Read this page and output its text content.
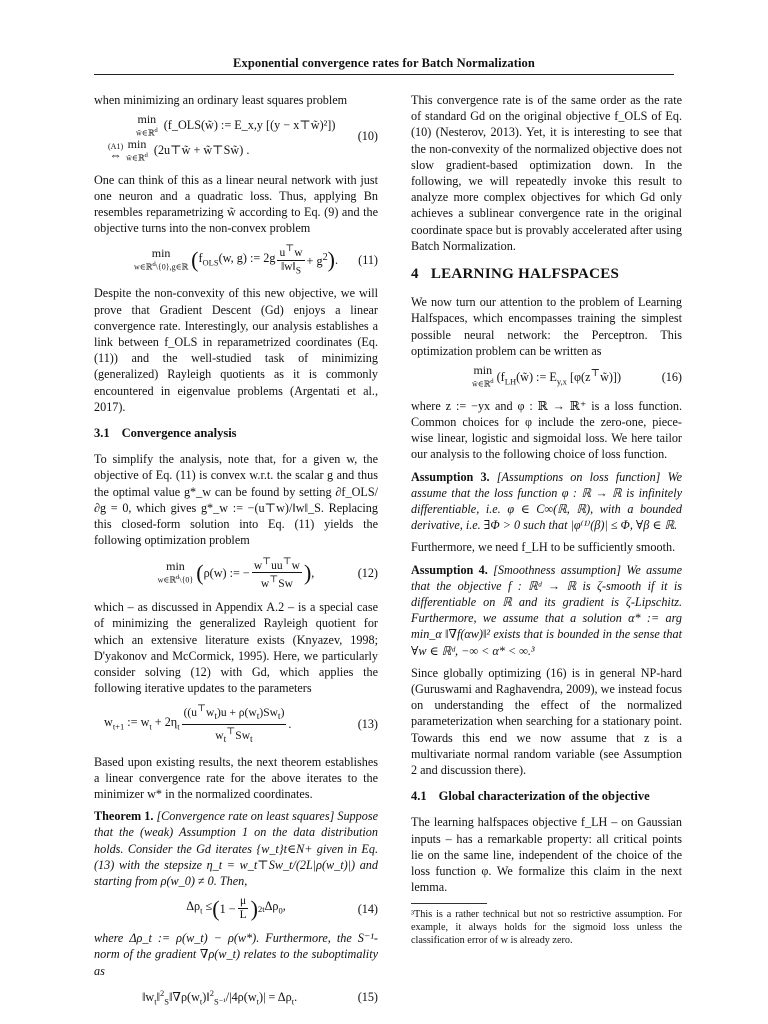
Exponential convergence rates for Batch Normalization

when minimizing an ordinary least squares problem

min
w̃∈ℝ$^d$ (f_OLS(w̃) := E_x,y [(y − x⊤w̃)²])
(A1)
⇔

min
w̃∈ℝ$^d$ (2u⊤w̃ + w̃⊤Sw̃) .
(10)

One can think of this as a linear neural network with just one neuron and a quadratic loss. Thus, applying Bn resembles reparametrizing w̃ according to Eq. (9) and the objective turns into the non-convex problem

min
w∈ℝ$^d$\{0},g∈ℝ ( $f_{OLS}(w$, g) := $2g \frac{u^⊤w}{‖w‖_S} + g^2$ ) . (11)

Despite the non-convexity of this new objective, we will prove that Gradient Descent (Gd) enjoys a linear convergence rate. Interestingly, our analysis establishes a link between f_OLS in reparametrized coordinates (Eq. (11)) and the well-studied task of minimizing (generalized) Rayleigh quotients as it is commonly encountered in eigenvalue problems (Argentati et al., 2017).

3.1 Convergence analysis

To simplify the analysis, note that, for a given w, the objective of Eq. (11) is convex w.r.t. the scalar g and thus the optimal value g*_w can be found by setting ∂f_OLS/∂g = 0, which gives g*_w := −(u⊤w)/‖w‖_S. Replacing this closed-form solution into Eq. (11) yields the following optimization problem

min
w∈ℝ$^d$\{0} ( ρ(w) := − $\frac{w^⊤uu^⊤w}{w^⊤Sw}$ ) ,	(12)

which – as discussed in Appendix A.2 – is a special case of minimizing the generalized Rayleigh quotient for which an extensive literature exists (Knyazev, 1998; D'yakonov and McCormick, 1995). Here, we particularly consider solving (12) with Gd, which applies the following iterative updates to the parameters

$w_{t+1}$ := $w_t + 2\eta_t \frac{((u^⊤w_t)u + \rho(w_t)Sw_t)}{w_t^⊤Sw_t}$ .	(13)

Based upon existing results, the next theorem establishes a linear convergence rate for the above iterates to the minimizer w* in the normalized coordinates.

Theorem 1. [Convergence rate on least squares] Suppose that the (weak) Assumption 1 on the data distribution holds. Consider the Gd iterates {w_t}t∈N+ given in Eq. (13) with the stepsize η_t = w_t⊤Sw_t/(2L|ρ(w_t)|) and starting from ρ(w_0) ≠ 0. Then,

$\Delta\rho_t$ ≤ ( $1 - \frac{\mu}{L}$ ) 2t $\Delta\rho_0$,	(14)

where Δρ_t := ρ(w_t) − ρ(w*). Furthermore, the S⁻¹-norm of the gradient ∇ρ(w_t) relates to the suboptimality as

$‖w_t‖^2_S‖\nabla\rho(w_t)‖^2_{S^{-1}}/|4\rho(w_t)| = \Delta\rho_t$.	(15)

This convergence rate is of the same order as the rate of standard Gd on the original objective f_OLS of Eq. (10) (Nesterov, 2013). Yet, it is interesting to see that the non-convexity of the normalized objective does not slow gradient-based optimization down. In the following, we will repeatedly invoke this result to analyze more complex objectives for which Gd only achieves a sublinear convergence rate in the original coordinate space but is provably accelerated after using Batch Normalization.

4 LEARNING HALFSPACES

We now turn our attention to the problem of Learning Halfspaces, which encompasses training the simplest possible neural network: the Perceptron. This optimization problem can be written as

min
w̃∈ℝ$^d$ ($f_{LH}(w̃)$ := $E_{y,x}$ [φ(z⊤w̃)])	(16)

where z := −yx and φ : ℝ → ℝ⁺ is a loss function. Common choices for φ include the zero-one, piece-wise linear, logistic and sigmoidal loss. We here tailor our analysis to the following choice of loss function.

Assumption 3. [Assumptions on loss function] We assume that the loss function φ : ℝ → ℝ is infinitely differentiable, i.e. φ ∈ C∞(ℝ, ℝ), with a bounded derivative, i.e. ∃Φ > 0 such that |φ⁽¹⁾(β)| ≤ Φ, ∀β ∈ ℝ.

Furthermore, we need f_LH to be sufficiently smooth.

Assumption 4. [Smoothness assumption] We assume that the objective f : ℝᵈ → ℝ is ζ-smooth if it is differentiable on ℝ and its gradient is ζ-Lipschitz. Furthermore, we assume that a solution α* := arg min_α ‖∇f(αw)‖² exists that is bounded in the sense that ∀w ∈ ℝᵈ, −∞ < α* < ∞.³

Since globally optimizing (16) is in general NP-hard (Guruswami and Raghavendra, 2009), we instead focus on understanding the effect of the normalized parameterization when searching for a stationary point. Towards this end we now assume that z is a multivariate normal random variable (see Assumption 2 and discussion there).

4.1 Global characterization of the objective

The learning halfspaces objective f_LH – on Gaussian inputs – has a remarkable property: all critical points lie on the same line, independent of the choice of the loss function φ. We formalize this claim in the next lemma.

³This is a rather technical but not so restrictive assumption. For example, it always holds for the sigmoid loss unless the classification error of w is already zero.
